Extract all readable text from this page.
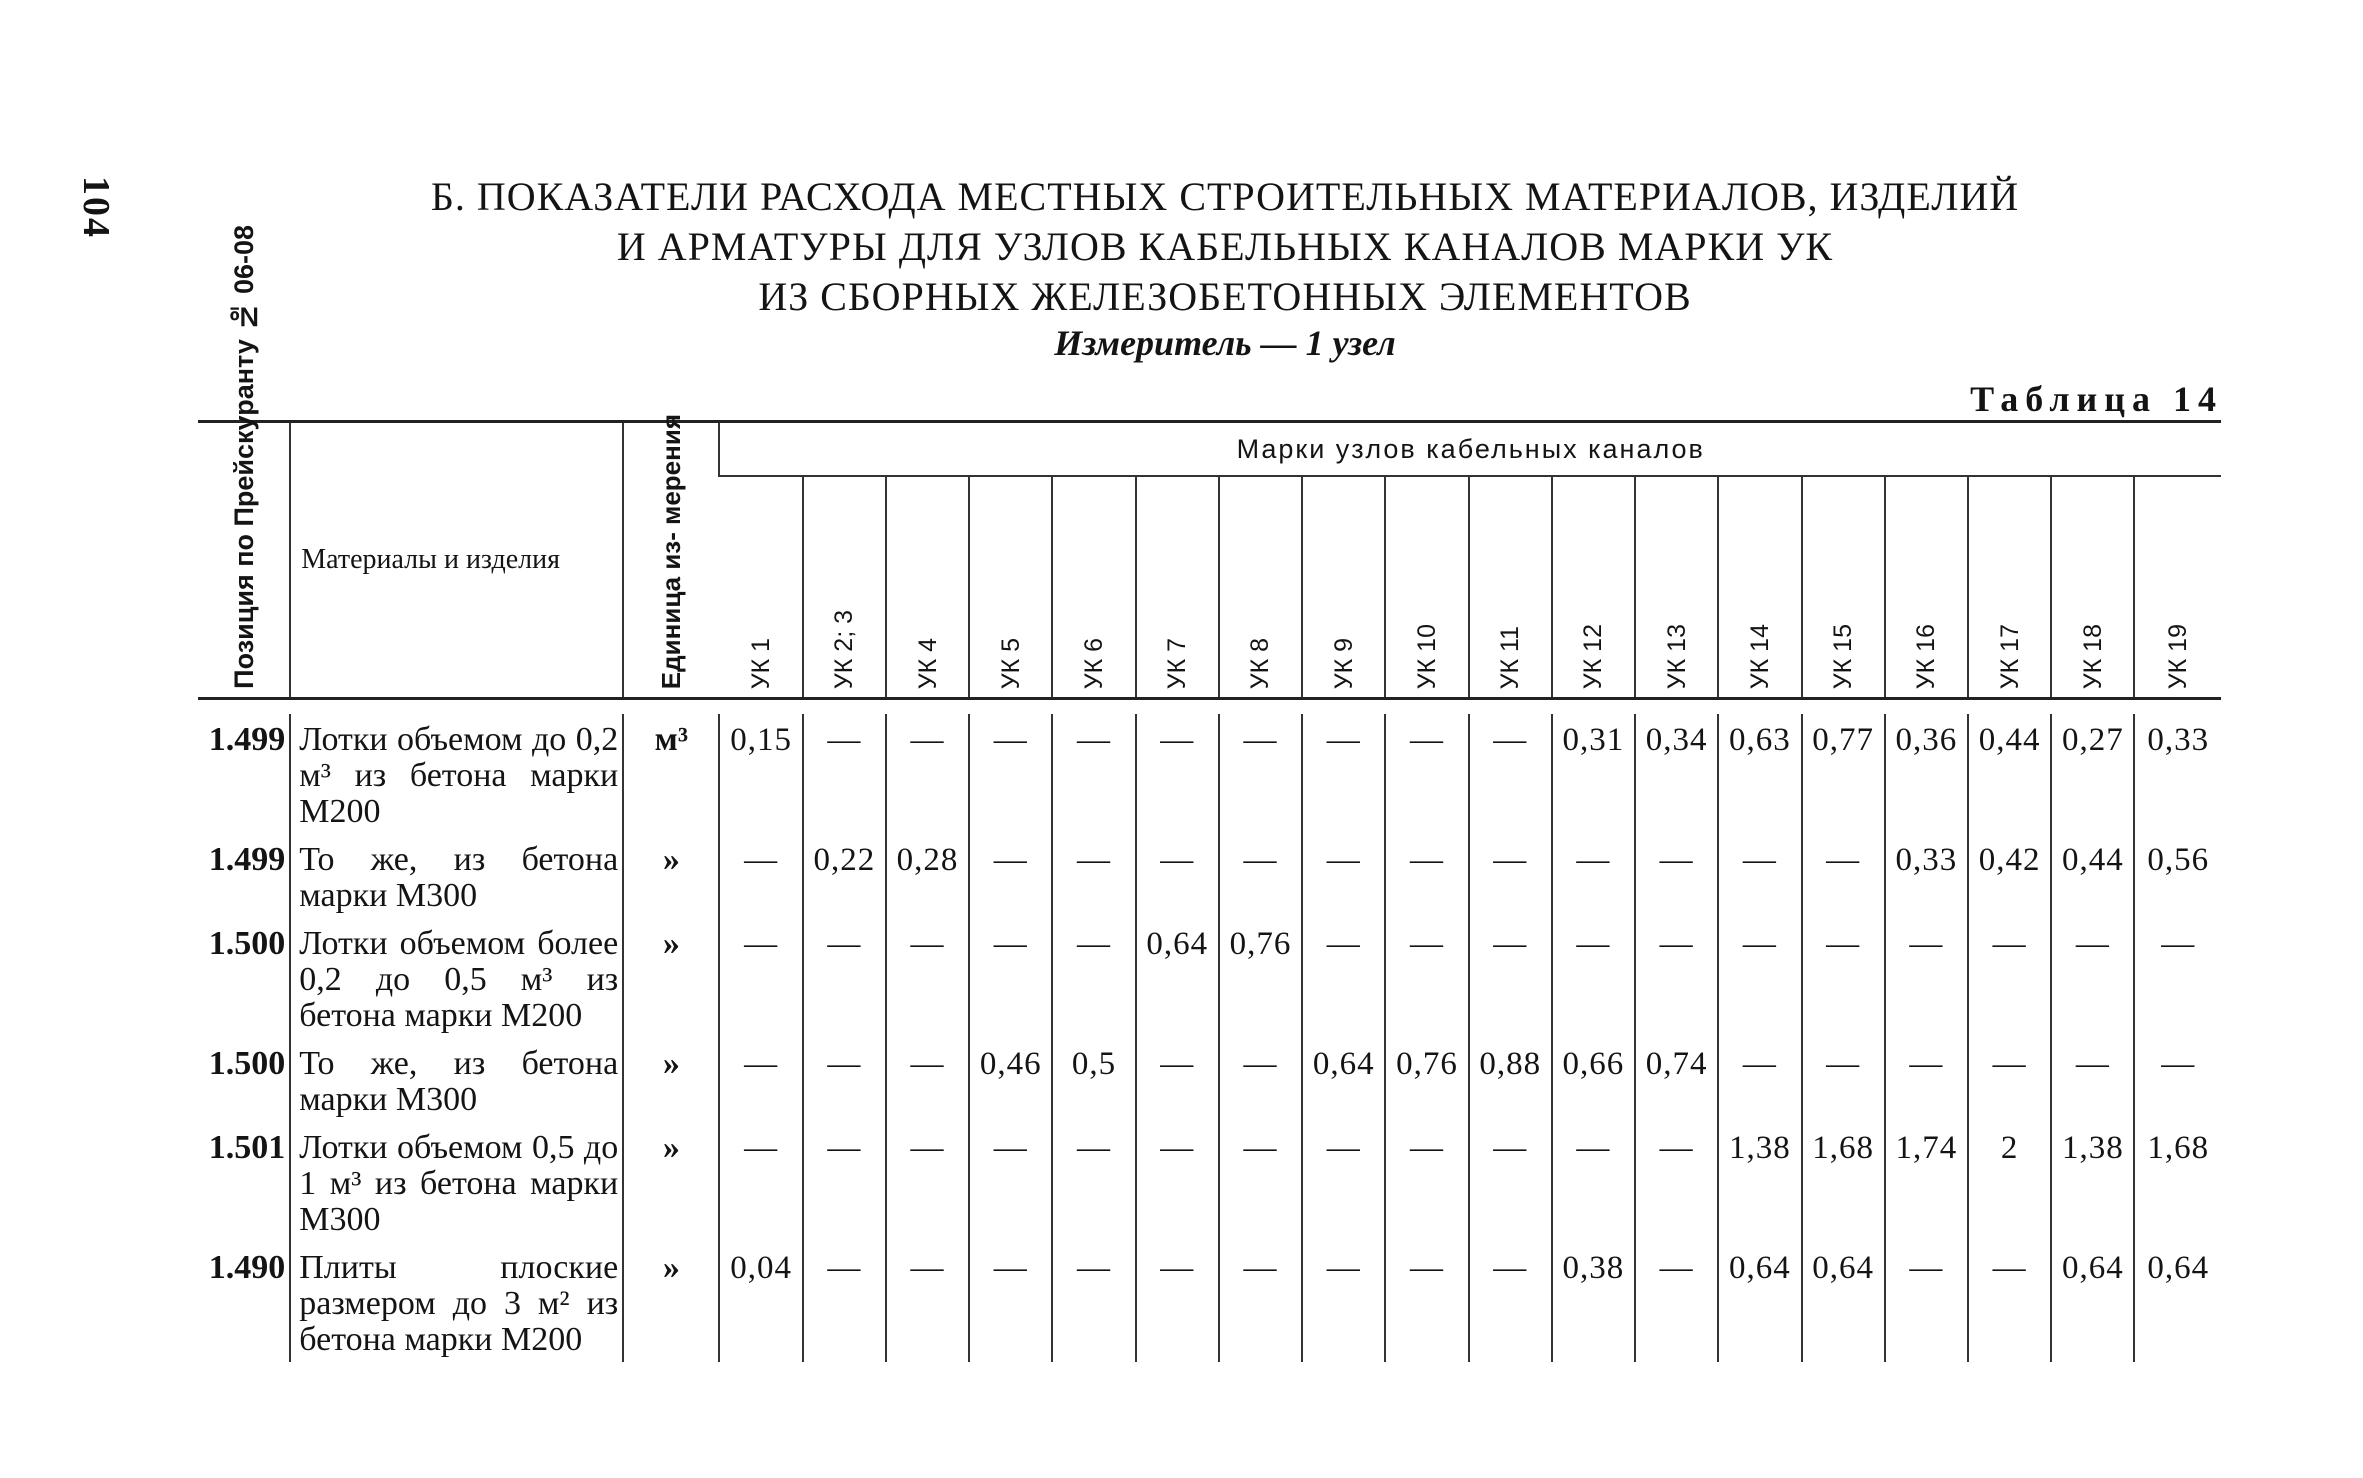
104	Б. ПОКАЗАТЕЛИ РАСХОДА МЕСТНЫХ СТРОИТЕЛЬНЫХ МАТЕРИАЛОВ, ИЗДЕЛИЙ
И АРМАТУРЫ ДЛЯ УЗЛОВ КАБЕЛЬНЫХ КАНАЛОВ МАРКИ УК
ИЗ СБОРНЫХ ЖЕЛЕЗОБЕТОННЫХ ЭЛЕМЕНТОВ
Измеритель — 1 узел
Таблица 14
Позиция по Прейскуранту № 06-08	Материалы и изделия	Единица из- мерения	Марки узлов кабельных каналов																	

			УК 1	УК 2; 3	УК 4	УК 5	УК 6	УК 7	УК 8	УК 9	УК 10	УК 11	УК 12	УК 13	УК 14	УК 15	УК 16	УК 17	УК 18	УК 19

1.499	Лотки объемом до 0,2 м³ из бетона марки М200	м³	0,15	—	—	—	—	—	—	—	—	—	0,31	0,34	0,63	0,77	0,36	0,44	0,27	0,33
1.499	То же, из бетона марки М300	»	—	0,22	0,28	—	—	—	—	—	—	—	—	—	—	—	0,33	0,42	0,44	0,56
1.500	Лотки объемом более 0,2 до 0,5 м³ из бетона марки М200	»	—	—	—	—	—	0,64	0,76	—	—	—	—	—	—	—	—	—	—	—
1.500	То же, из бетона марки М300	»	—	—	—	0,46	0,5	—	—	0,64	0,76	0,88	0,66	0,74	—	—	—	—	—	—
1.501	Лотки объемом 0,5 до 1 м³ из бетона марки М300	»	—	—	—	—	—	—	—	—	—	—	—	—	1,38	1,68	1,74	2	1,38	1,68
1.490	Плиты плоские размером до 3 м² из бетона марки М200	»	0,04	—	—	—	—	—	—	—	—	—	0,38	—	0,64	0,64	—	—	0,64	0,64
